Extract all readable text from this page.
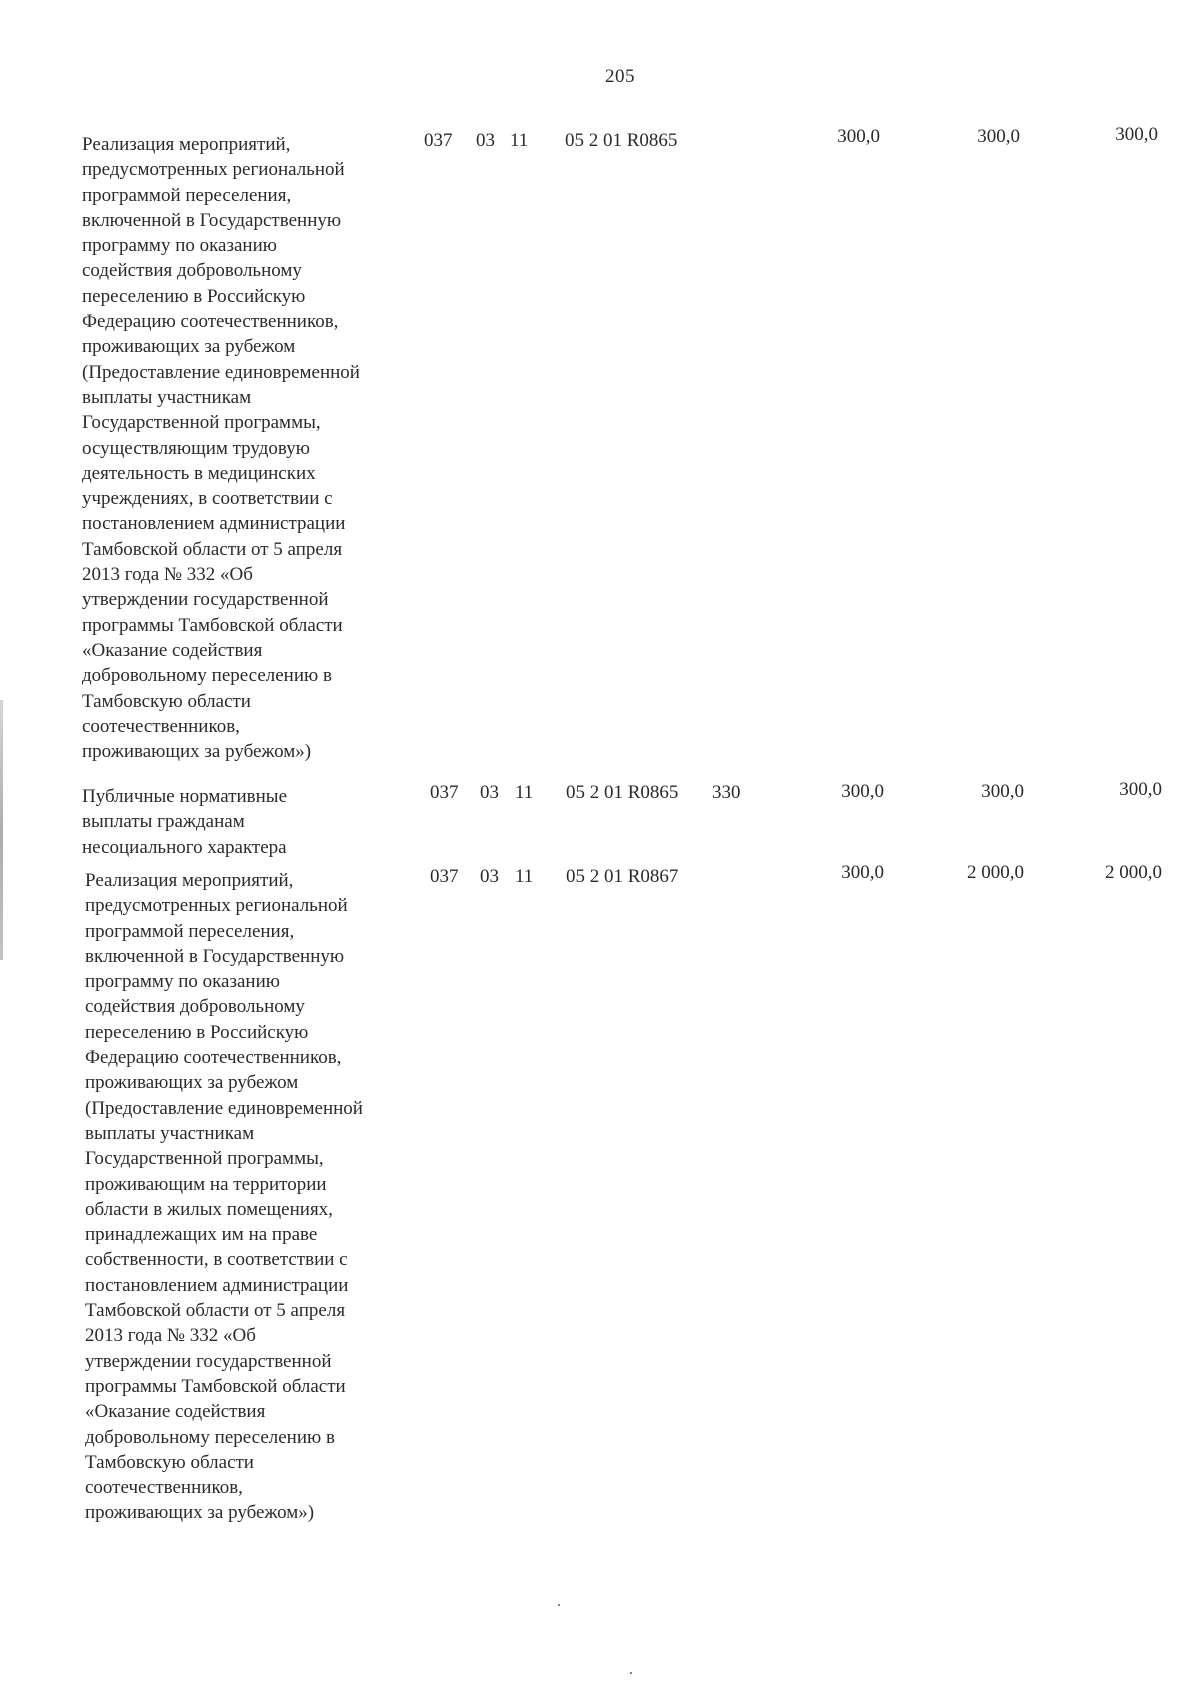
205
Реализация мероприятий,
предусмотренных региональной
программой переселения,
включенной в Государственную
программу по оказанию
содействия добровольному
переселению в Российскую
Федерацию соотечественников,
проживающих за рубежом
(Предоставление единовременной
выплаты участникам
Государственной программы,
осуществляющим трудовую
деятельность в медицинских
учреждениях, в соответствии с
постановлением администрации
Тамбовской области от 5 апреля
2013 года № 332 «Об
утверждении государственной
программы Тамбовской области
«Оказание содействия
добровольному переселению в
Тамбовскую области
соотечественников,
проживающих за рубежом»)
037 03 11 05 2 01 R0865	300,0	300,0	300,0
Публичные нормативные
выплаты гражданам
несоциального характера
037 03 11 05 2 01 R0865 330	300,0	300,0	300,0
Реализация мероприятий,
предусмотренных региональной
программой переселения,
включенной в Государственную
программу по оказанию
содействия добровольному
переселению в Российскую
Федерацию соотечественников,
проживающих за рубежом
(Предоставление единовременной
выплаты участникам
Государственной программы,
проживающим на территории
области в жилых помещениях,
принадлежащих им на праве
собственности, в соответствии с
постановлением администрации
Тамбовской области от 5 апреля
2013 года № 332 «Об
утверждении государственной
программы Тамбовской области
«Оказание содействия
добровольному переселению в
Тамбовскую области
соотечественников,
проживающих за рубежом»)
037 03 11 05 2 01 R0867	300,0	2 000,0	2 000,0
